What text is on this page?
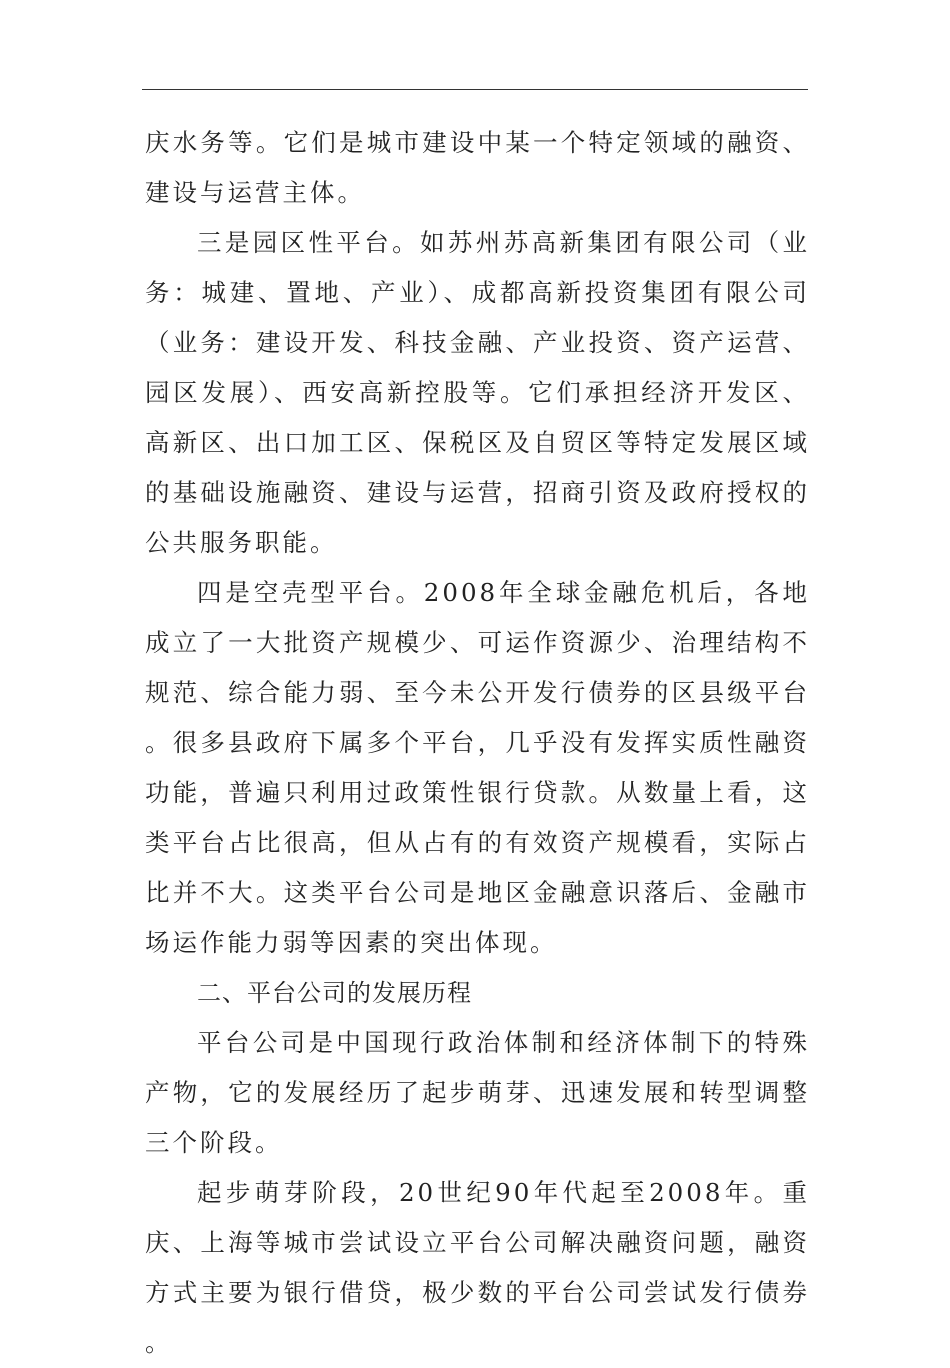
庆水务等。它们是城市建设中某一个特定领域的融资、建设与运营主体。

三是园区性平台。如苏州苏高新集团有限公司（业务：城建、置地、产业）、成都高新投资集团有限公司（业务：建设开发、科技金融、产业投资、资产运营、园区发展）、西安高新控股等。它们承担经济开发区、高新区、出口加工区、保税区及自贸区等特定发展区域的基础设施融资、建设与运营，招商引资及政府授权的公共服务职能。

四是空壳型平台。2008年全球金融危机后，各地成立了一大批资产规模少、可运作资源少、治理结构不规范、综合能力弱、至今未公开发行债券的区县级平台。很多县政府下属多个平台，几乎没有发挥实质性融资功能，普遍只利用过政策性银行贷款。从数量上看，这类平台占比很高，但从占有的有效资产规模看，实际占比并不大。这类平台公司是地区金融意识落后、金融市场运作能力弱等因素的突出体现。

二、平台公司的发展历程

平台公司是中国现行政治体制和经济体制下的特殊产物，它的发展经历了起步萌芽、迅速发展和转型调整三个阶段。

起步萌芽阶段，20世纪90年代起至2008年。重庆、上海等城市尝试设立平台公司解决融资问题，融资方式主要为银行借贷，极少数的平台公司尝试发行债券。
